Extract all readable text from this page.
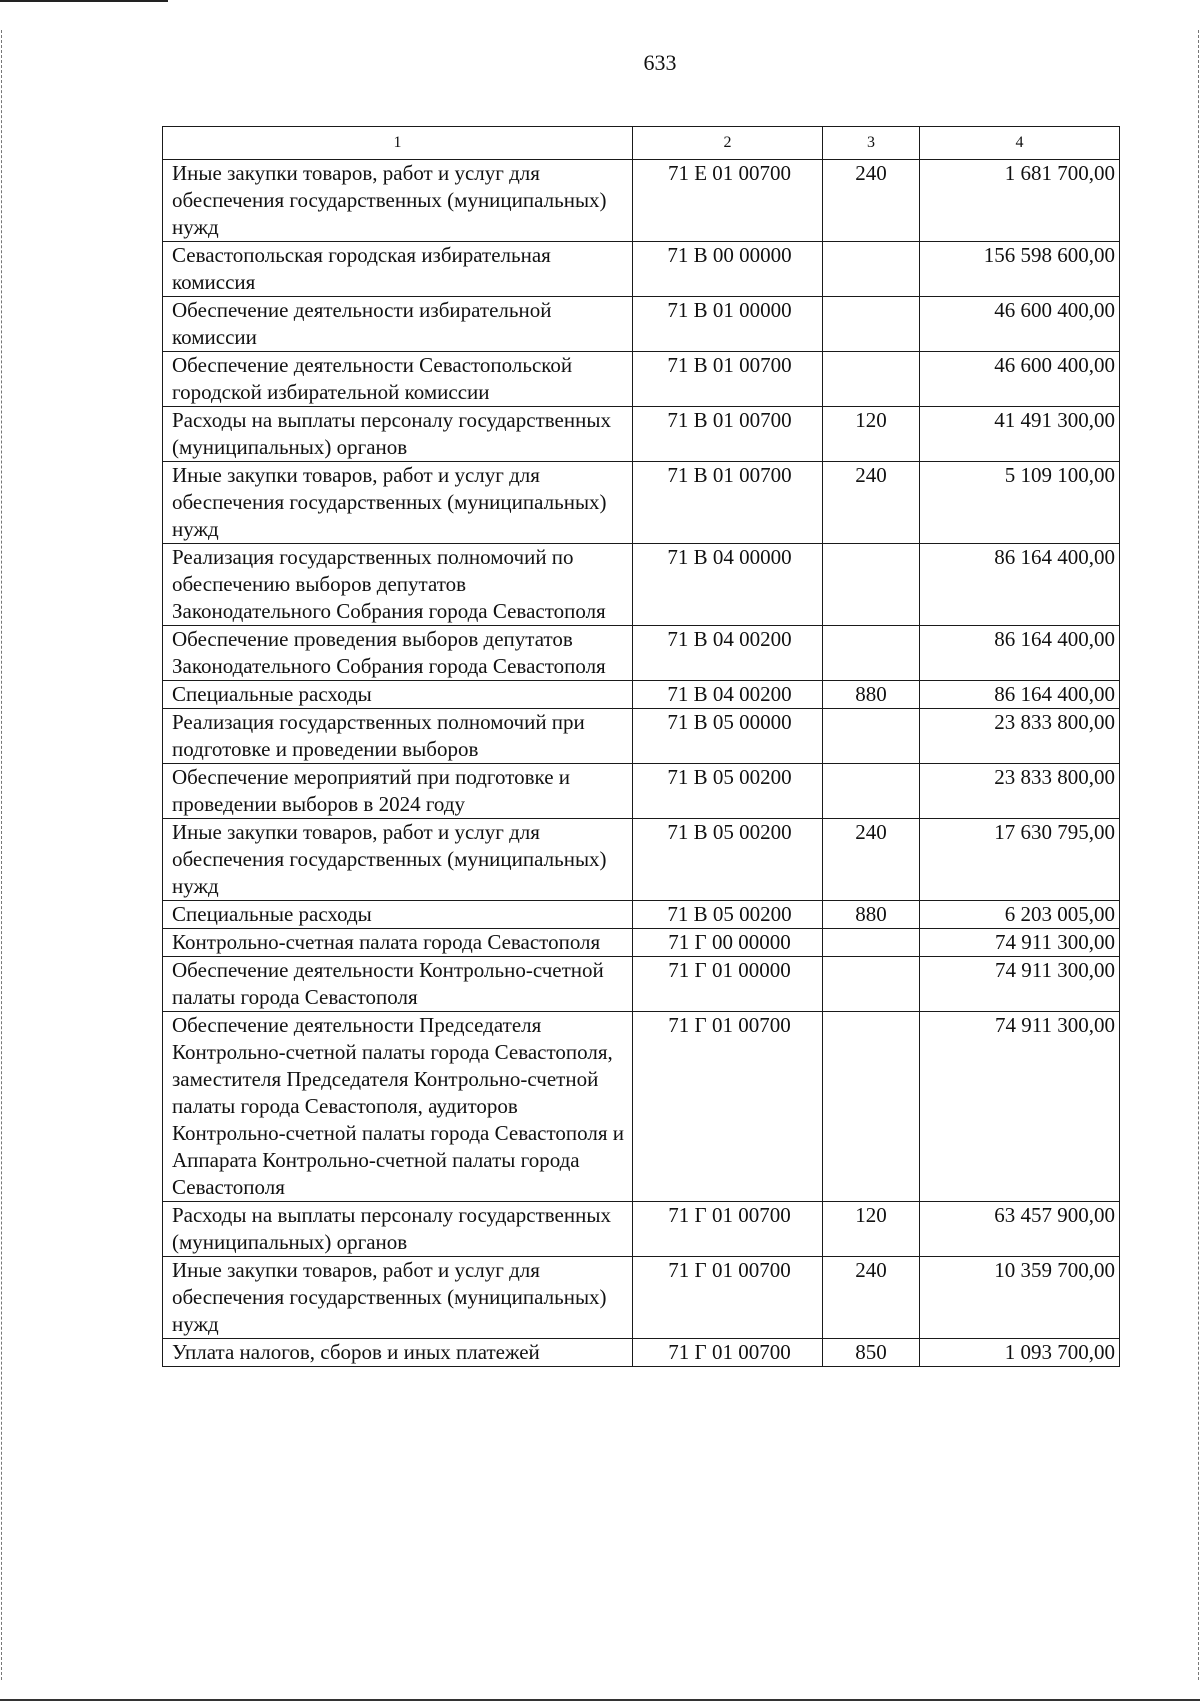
633
1	2	3	4
Иные закупки товаров, работ и услуг для обеспечения государственных (муниципальных) нужд	71 Е 01 00700	240	1 681 700,00
Севастопольская городская избирательная комиссия	71 В 00 00000		156 598 600,00
Обеспечение деятельности избирательной комиссии	71 В 01 00000		46 600 400,00
Обеспечение деятельности Севастопольской городской избирательной комиссии	71 В 01 00700		46 600 400,00
Расходы на выплаты персоналу государственных (муниципальных) органов	71 В 01 00700	120	41 491 300,00
Иные закупки товаров, работ и услуг для обеспечения государственных (муниципальных) нужд	71 В 01 00700	240	5 109 100,00
Реализация государственных полномочий по обеспечению выборов депутатов Законодательного Собрания города Севастополя	71 В 04 00000		86 164 400,00
Обеспечение проведения выборов депутатов Законодательного Собрания города Севастополя	71 В 04 00200		86 164 400,00
Специальные расходы	71 В 04 00200	880	86 164 400,00
Реализация государственных полномочий при подготовке и проведении выборов	71 В 05 00000		23 833 800,00
Обеспечение мероприятий при подготовке и проведении выборов в 2024 году	71 В 05 00200		23 833 800,00
Иные закупки товаров, работ и услуг для обеспечения государственных (муниципальных) нужд	71 В 05 00200	240	17 630 795,00
Специальные расходы	71 В 05 00200	880	6 203 005,00
Контрольно-счетная палата города Севастополя	71 Г 00 00000		74 911 300,00
Обеспечение деятельности Контрольно-счетной палаты города Севастополя	71 Г 01 00000		74 911 300,00
Обеспечение деятельности Председателя Контрольно-счетной палаты города Севастополя, заместителя Председателя Контрольно-счетной палаты города Севастополя, аудиторов Контрольно-счетной палаты города Севастополя и Аппарата Контрольно-счетной палаты города Севастополя	71 Г 01 00700		74 911 300,00
Расходы на выплаты персоналу государственных (муниципальных) органов	71 Г 01 00700	120	63 457 900,00
Иные закупки товаров, работ и услуг для обеспечения государственных (муниципальных) нужд	71 Г 01 00700	240	10 359 700,00
Уплата налогов, сборов и иных платежей	71 Г 01 00700	850	1 093 700,00
